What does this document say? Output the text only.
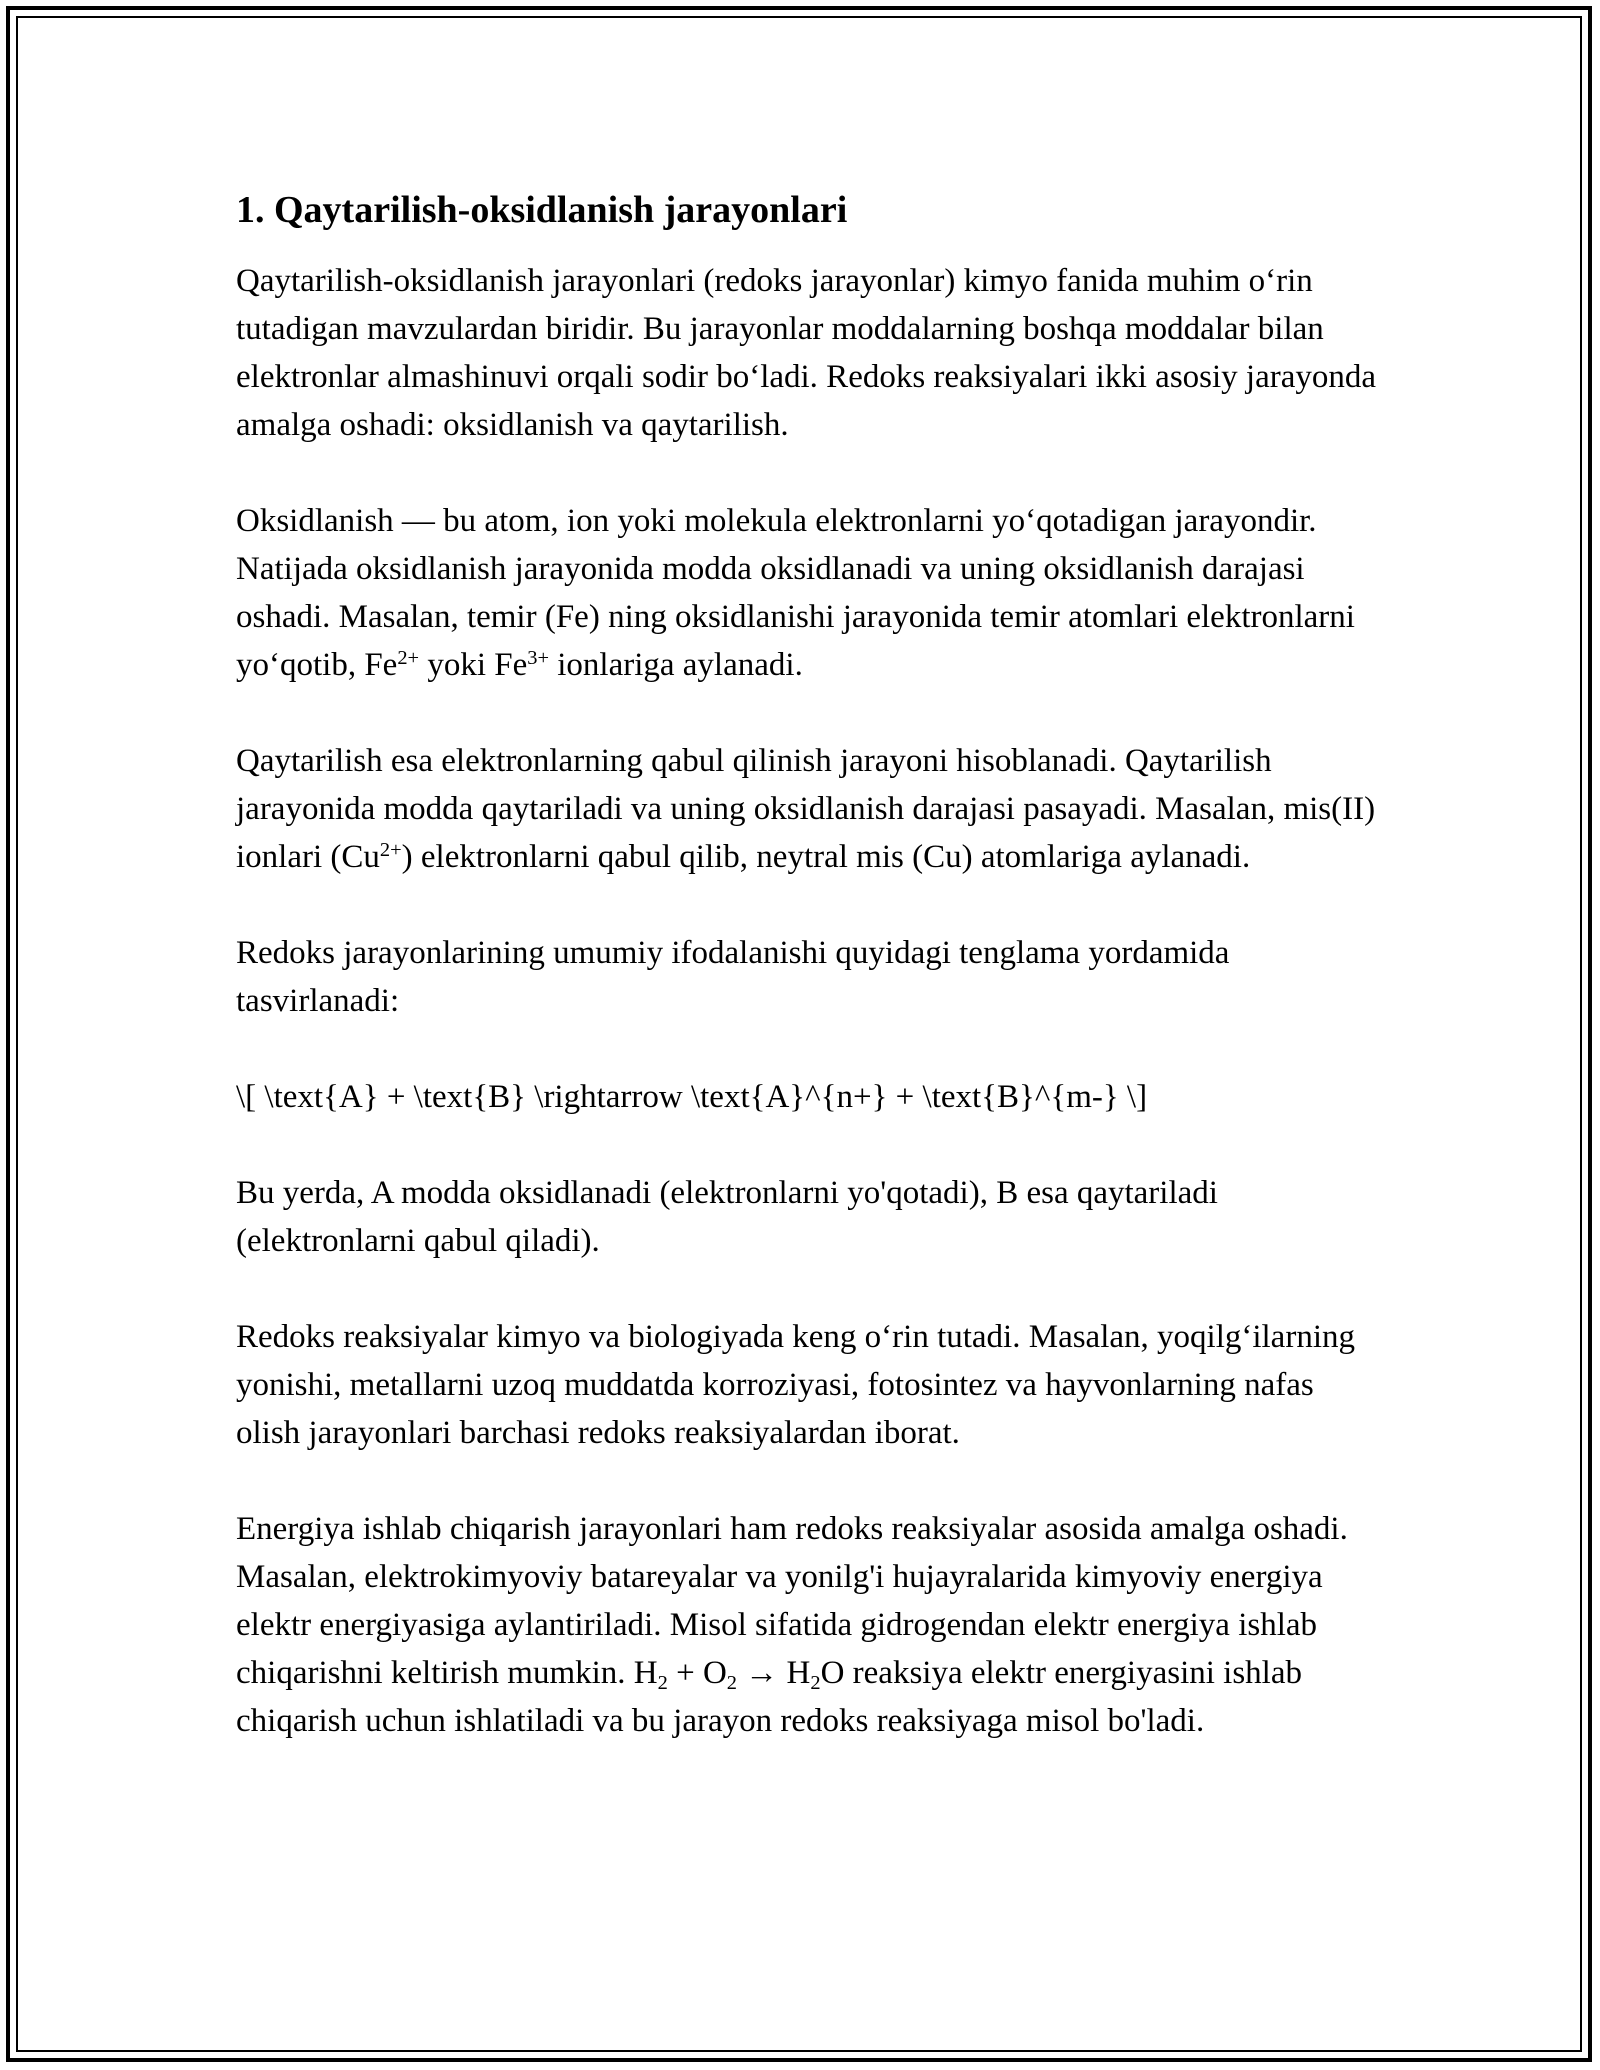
1. Qaytarilish-oksidlanish jarayonlari

Qaytarilish-oksidlanish jarayonlari (redoks jarayonlar) kimyo fanida muhim o‘rin tutadigan mavzulardan biridir. Bu jarayonlar moddalarning boshqa moddalar bilan elektronlar almashinuvi orqali sodir bo‘ladi. Redoks reaksiyalari ikki asosiy jarayonda amalga oshadi: oksidlanish va qaytarilish.

Oksidlanish — bu atom, ion yoki molekula elektronlarni yo‘qotadigan jarayondir. Natijada oksidlanish jarayonida modda oksidlanadi va uning oksidlanish darajasi oshadi. Masalan, temir (Fe) ning oksidlanishi jarayonida temir atomlari elektronlarni yo‘qotib, $Fe^{2+}$ yoki $Fe^{3+}$ ionlariga aylanadi.

Qaytarilish esa elektronlarning qabul qilinish jarayoni hisoblanadi. Qaytarilish jarayonida modda qaytariladi va uning oksidlanish darajasi pasayadi. Masalan, mis(II) ionlari $(Cu^{2+})$ elektronlarni qabul qilib, neytral mis (Cu) atomlariga aylanadi.

Redoks jarayonlarining umumiy ifodalanishi quyidagi tenglama yordamida tasvirlanadi:

\[ \text{A} + \text{B} \rightarrow \text{A}^{n+} + \text{B}^{m-} \]

Bu yerda, A modda oksidlanadi (elektronlarni yo'qotadi), B esa qaytariladi (elektronlarni qabul qiladi).

Redoks reaksiyalar kimyo va biologiyada keng o‘rin tutadi. Masalan, yoqilg‘ilarning yonishi, metallarni uzoq muddatda korroziyasi, fotosintez va hayvonlarning nafas olish jarayonlari barchasi redoks reaksiyalardan iborat.

Energiya ishlab chiqarish jarayonlari ham redoks reaksiyalar asosida amalga oshadi. Masalan, elektrokimyoviy batareyalar va yonilg'i hujayralarida kimyoviy energiya elektr energiyasiga aylantiriladi. Misol sifatida gidrogendan elektr energiya ishlab chiqarishni keltirish mumkin. $H_2 + O_2 \to H_2O$ reaksiya elektr energiyasini ishlab chiqarish uchun ishlatiladi va bu jarayon redoks reaksiyaga misol bo'ladi.
